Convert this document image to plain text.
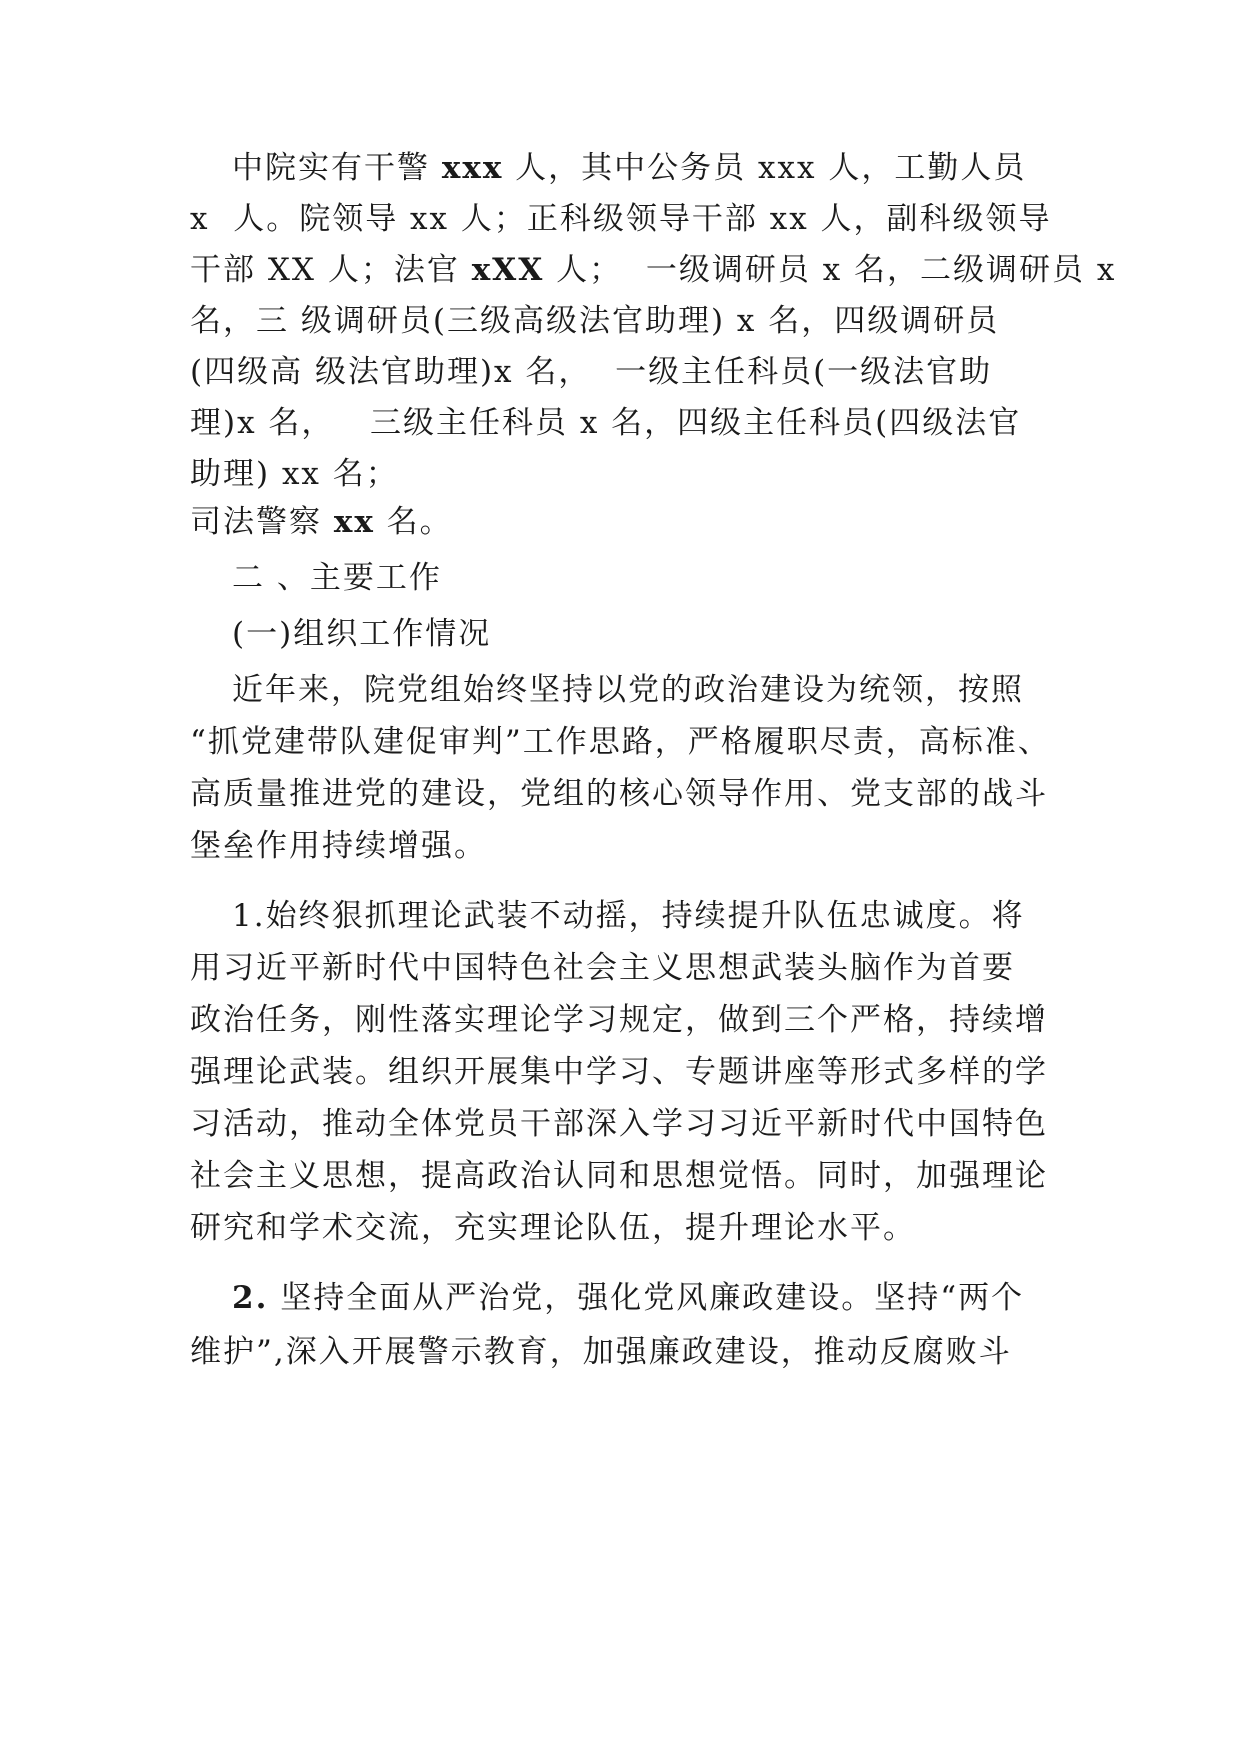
中院实有干警 xxx 人，其中公务员 xxx 人，工勤人员

x  人。院领导 xx 人；正科级领导干部 xx 人，副科级领导

干部 XX 人；法官 xXX 人；  一级调研员 x 名，二级调研员 x

名，三 级调研员(三级高级法官助理) x 名，四级调研员

(四级高 级法官助理)x 名，  一级主任科员(一级法官助

理)x 名，   三级主任科员 x 名，四级主任科员(四级法官

助理) xx 名；

司法警察 xx 名。

二 、主要工作

(一)组织工作情况

近年来，院党组始终坚持以党的政治建设为统领，按照

“抓党建带队建促审判”工作思路，严格履职尽责，高标准、

高质量推进党的建设，党组的核心领导作用、党支部的战斗

堡垒作用持续增强。

1.始终狠抓理论武装不动摇，持续提升队伍忠诚度。将

用习近平新时代中国特色社会主义思想武装头脑作为首要

政治任务，刚性落实理论学习规定，做到三个严格，持续增

强理论武装。组织开展集中学习、专题讲座等形式多样的学

习活动，推动全体党员干部深入学习习近平新时代中国特色

社会主义思想，提高政治认同和思想觉悟。同时，加强理论

研究和学术交流，充实理论队伍，提升理论水平。

2. 坚持全面从严治党，强化党风廉政建设。坚持“两个

维护”,深入开展警示教育，加强廉政建设，推动反腐败斗
